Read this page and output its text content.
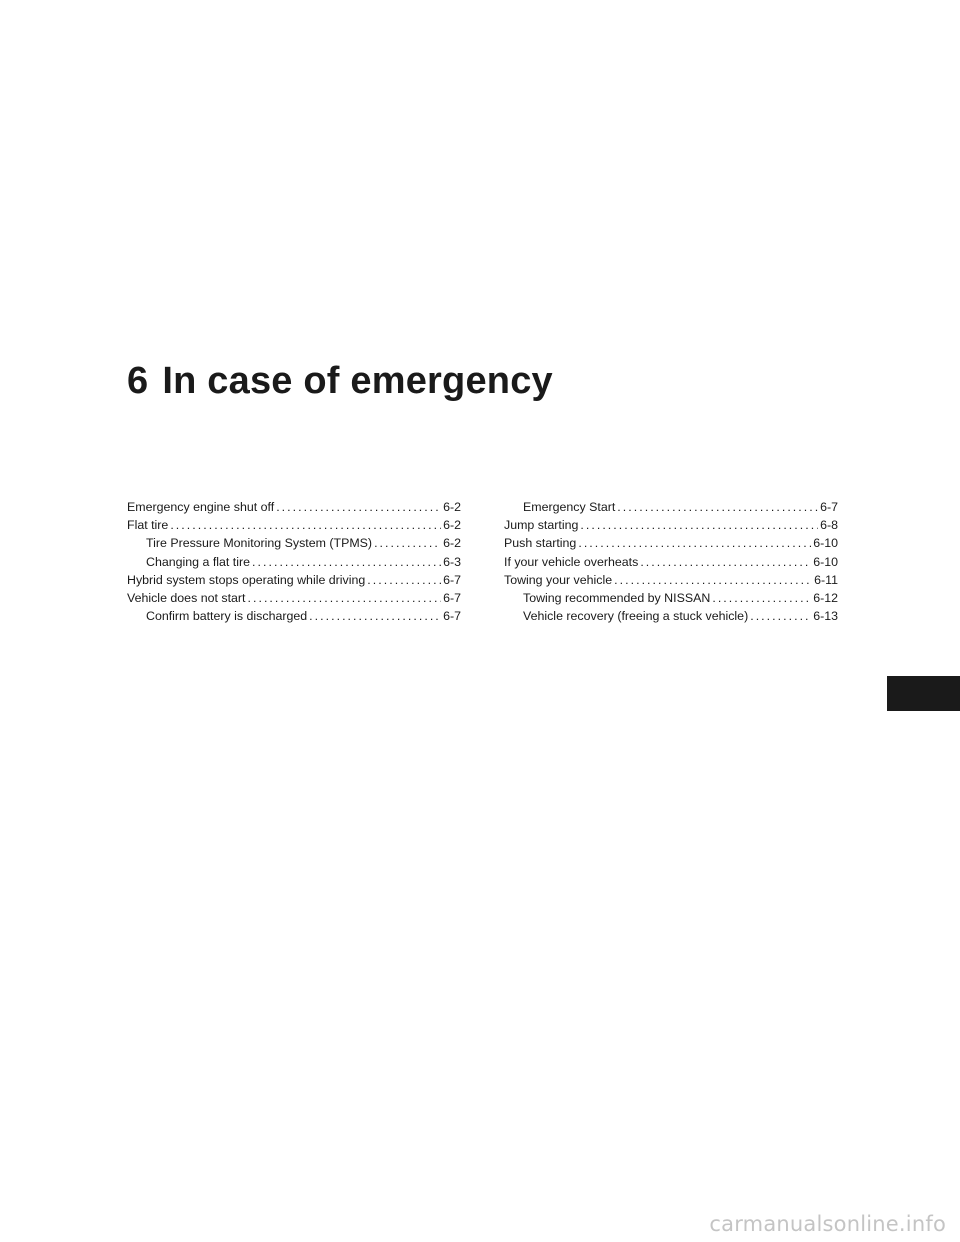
6 In case of emergency
Emergency engine shut off . . .	6-2
Flat tire . . .	6-2
Tire Pressure Monitoring System (TPMS) . . .	6-2
Changing a flat tire . . .	6-3
Hybrid system stops operating while driving . . .	6-7
Vehicle does not start . . .	6-7
Confirm battery is discharged . . .	6-7
Emergency Start . . .	6-7
Jump starting . . .	6-8
Push starting . . .	6-10
If your vehicle overheats . . .	6-10
Towing your vehicle . . .	6-11
Towing recommended by NISSAN . . .	6-12
Vehicle recovery (freeing a stuck vehicle) . . .	6-13
carmanualsonline.info
